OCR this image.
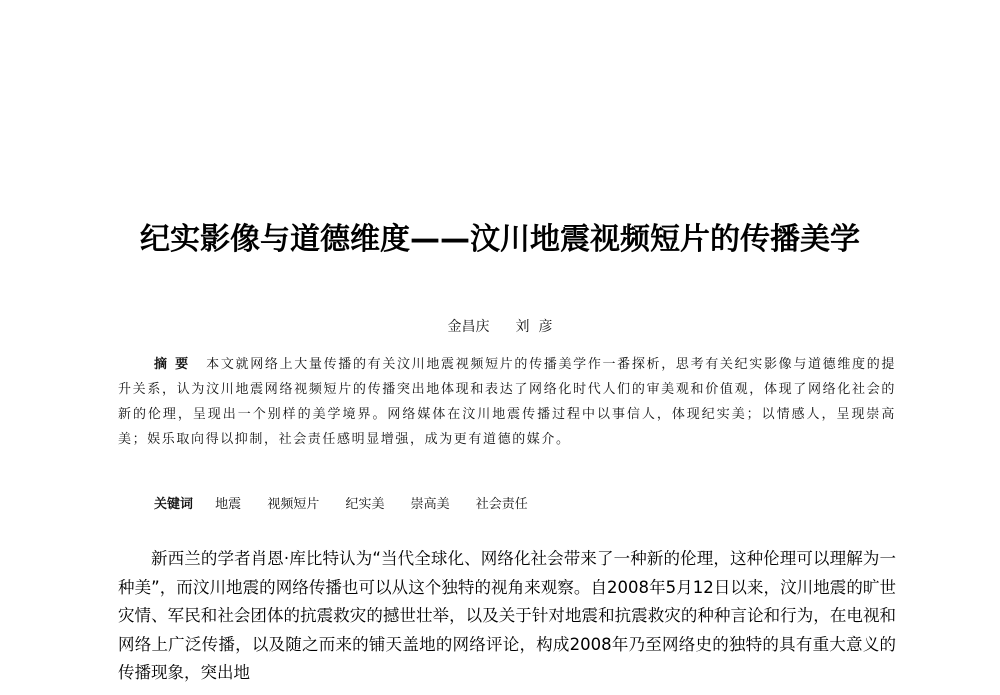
纪实影像与道德维度——汶川地震视频短片的传播美学
金昌庆 刘  彦
摘要 本文就网络上大量传播的有关汶川地震视频短片的传播美学作一番探析，思考有关纪实影像与道德维度的提升关系，认为汶川地震网络视频短片的传播突出地体现和表达了网络化时代人们的审美观和价值观，体现了网络化社会的新的伦理，呈现出一个别样的美学境界。网络媒体在汶川地震传播过程中以事信人，体现纪实美；以情感人，呈现崇高美；娱乐取向得以抑制，社会责任感明显增强，成为更有道德的媒介。
关键词 地震 视频短片 纪实美 崇高美 社会责任

新西兰的学者肖恩·库比特认为“当代全球化、网络化社会带来了一种新的伦理，这种伦理可以理解为一种美”，而汶川地震的网络传播也可以从这个独特的视角来观察。自2008年5月12日以来，汶川地震的旷世灾情、军民和社会团体的抗震救灾的撼世壮举，以及关于针对地震和抗震救灾的种种言论和行为，在电视和网络上广泛传播，以及随之而来的铺天盖地的网络评论，构成2008年乃至网络史的独特的具有重大意义的传播现象，突出地
